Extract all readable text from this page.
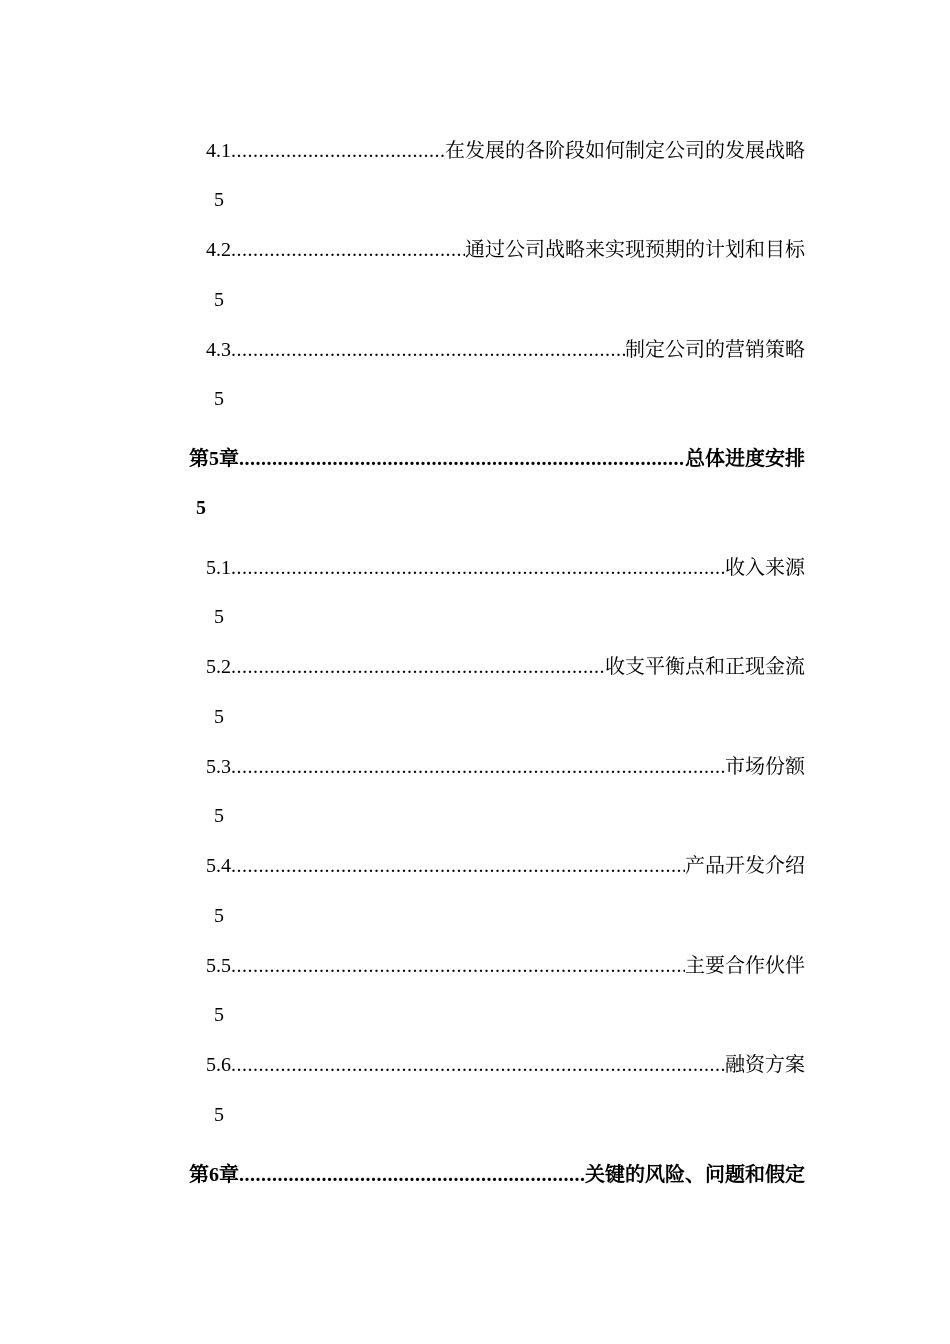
4.1 .....	在发展的各阶段如何制定公司的发展战略
5
4.2 .....	通过公司战略来实现预期的计划和目标
5
4.3 .....	制定公司的营销策略
5
第5章 .....	总体进度安排
5
5.1 .....	收入来源
5
5.2 .....	收支平衡点和正现金流
5
5.3 .....	市场份额
5
5.4 .....	产品开发介绍
5
5.5 .....	主要合作伙伴
5
5.6 .....	融资方案
5
第6章 .....	关键的风险、问题和假定
